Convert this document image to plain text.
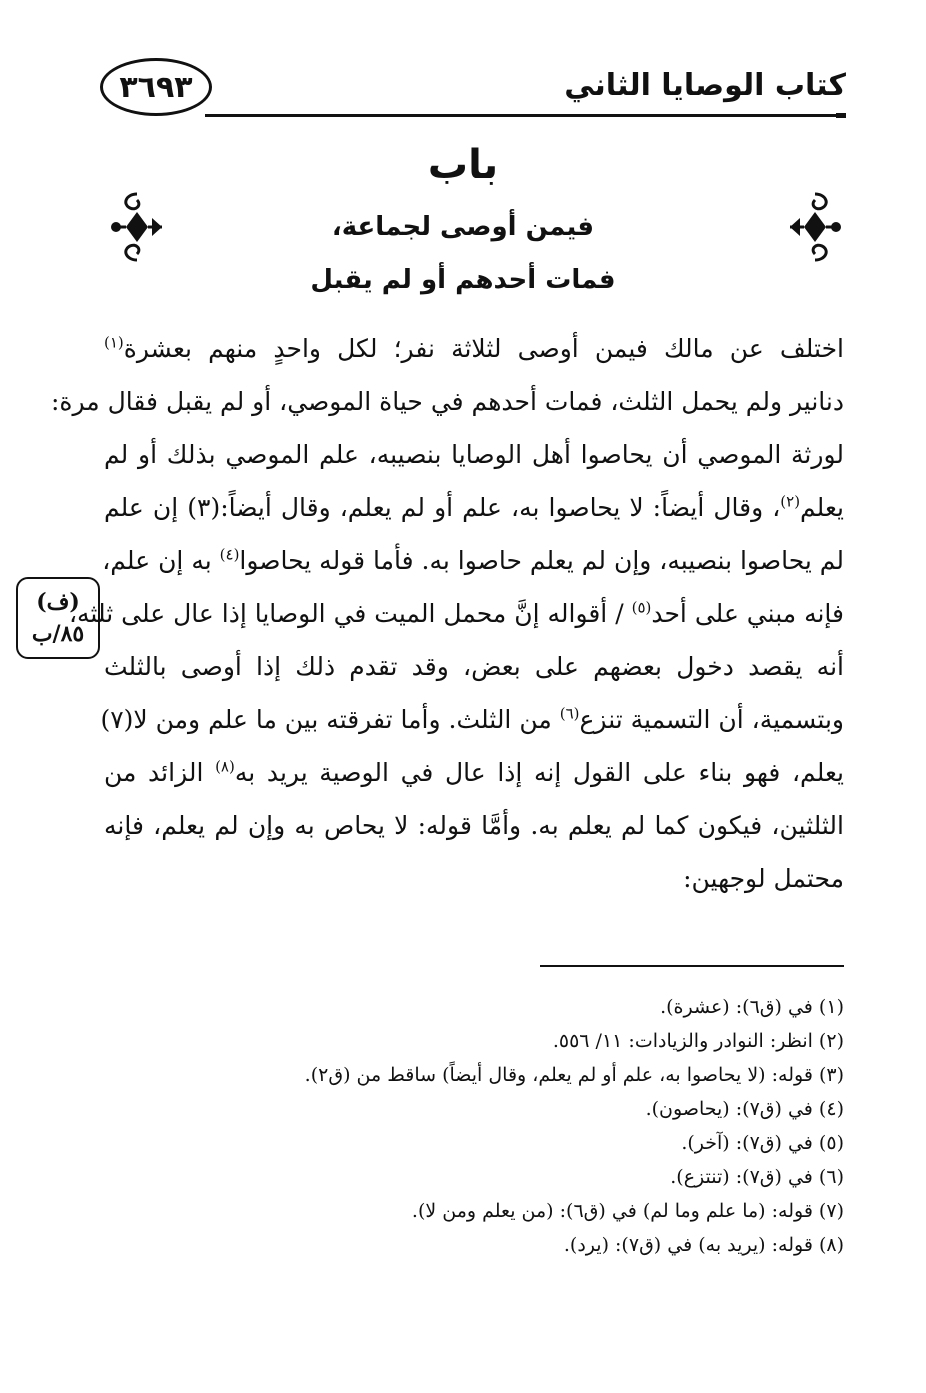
٣٦٩٣	كتاب الوصايا الثاني
باب
فيمن أوصى لجماعة،
فمات أحدهم أو لم يقبل
اختلف عن مالك فيمن أوصى لثلاثة نفر؛ لكل واحدٍ منهم بعشرة$^{(١)}$
دنانير ولم يحمل الثلث، فمات أحدهم في حياة الموصي، أو لم يقبل فقال مرة:
لورثة الموصي أن يحاصوا أهل الوصايا بنصيبه، علم الموصي بذلك أو لم
يعلم$^{(٢)}$، وقال أيضاً: لا يحاصوا به، علم أو لم يعلم، وقال أيضاً:(٣) إن علم
لم يحاصوا بنصيبه، وإن لم يعلم حاصوا به. فأما قوله يحاصوا$^{(٤)}$ به إن علم،
فإنه مبني على أحد$^{(٥)}$ / أقواله إنَّ محمل الميت في الوصايا إذا عال على ثلثه،
أنه يقصد دخول بعضهم على بعض، وقد تقدم ذلك إذا أوصى بالثلث
وبتسمية، أن التسمية تنزع$^{(٦)}$ من الثلث. وأما تفرقته بين ما علم ومن لا(٧)
يعلم، فهو بناء على القول إنه إذا عال في الوصية يريد به$^{(٨)}$ الزائد من
الثلثين، فيكون كما لم يعلم به. وأمَّا قوله: لا يحاص به وإن لم يعلم، فإنه
محتمل لوجهين:
(ف)
٨٥/ب
(١) في (ق٦): (عشرة).
(٢) انظر: النوادر والزيادات: ١١/ ٥٥٦.
(٣) قوله: (لا يحاصوا به، علم أو لم يعلم، وقال أيضاً) ساقط من (ق٢).
(٤) في (ق٧): (يحاصون).
(٥) في (ق٧): (آخر).
(٦) في (ق٧): (تنتزع).
(٧) قوله: (ما علم وما لم) في (ق٦): (من يعلم ومن لا).
(٨) قوله: (يريد به) في (ق٧): (يرد).
